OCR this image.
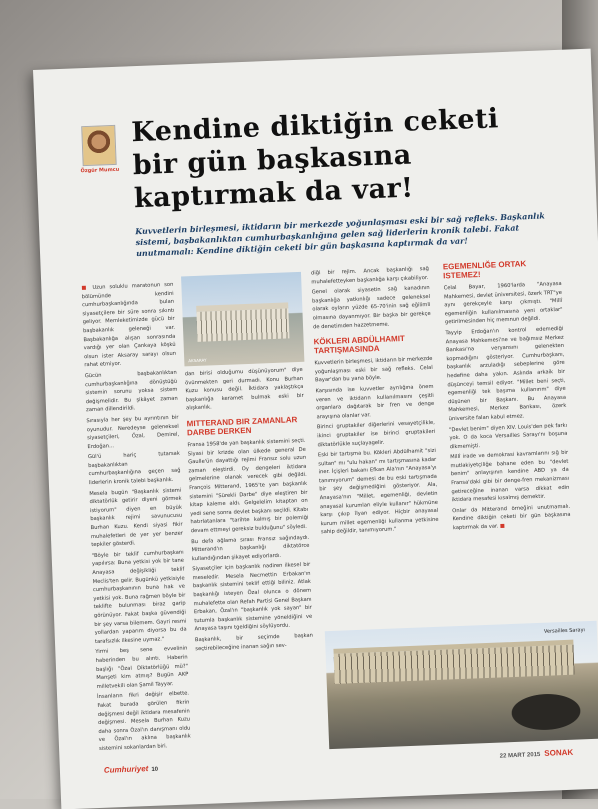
Özgür Mumcu
Kendine diktiğin ceketi bir gün başkasına kaptırmak da var!
Kuvvetlerin birleşmesi, iktidarın bir merkezde yoğunlaşması eski bir sağ refleks. Başkanlık sistemi, başbakanlıktan cumhurbaşkanlığına gelen sağ liderlerin kronik talebi. Fakat unutmamalı: Kendine diktiğin ceketi bir gün başkasına kaptırmak da var!

■ Uzun soluklu maratonun son bölümünde kendini cumhurbaşkanlığında bulan siyasetçilere bir süre sonra sıkıntı geliyor. Memleketimizde gücü bir başbakanlık geleneği var. Başbakanlığa alışan sonrasında vardığı yer olan Çankaya köşkü olsun ister Aksaray sarayı olsun rahat etmiyor.

Gücün başbakanlıktan cumhurbaşkanlığına dönüştüğü sistemin sorunu yoksa sistem değişmelidir. Bu şikâyet zaman zaman dillendirildi.

Sırasıyla her şey bu ayrıntının bir oyunudur. Neredeyse geleneksel siyasetçileri, Özal, Demirel, Erdoğan...

Gül'ü hariç tutarsak başbakanlıktan cumhurbaşkanlığına geçen sağ liderlerin kronik talebi başkanlık.

Mesela bugün "Başkanlık sistemi diktatörlük getirir diyeni görmek istiyorum" diyen en büyük başkanlık rejimi savunucusu Burhan Kuzu. Kendi siyasi fikir muhalefetleri de yer yer benzer tepkiler gösterdi.

"Böyle bir teklif cumhurbaşkanı yapılırsa: Buna yetkisi yok bir tane Anayasa değişikliği teklif Meclis'ten gelir. Bugünkü yetkisiyle cumhurbaşkanının buna hak ve yetkisi yok. Buna rağmen böyle bir teklifte bulunması biraz garip görünüyor. Fakat başka güvendiği bir şey varsa bilemem. Gayri resmi yollardan yaparım diyorsa bu da tarafsızlık ilkesine uymaz."

Yirmi beş sene evvelinin haberinden bu alıntı. Haberin başlığı "Özal Diktatörlüğü mü?" Manşeti kim atmış? Bugün AKP milletvekili olan Şamil Tayyar.

İnsanların fikri değişir elbette. Fakat burada görülen fikrin değişmesi değil iktidara mesafenin değişmesi. Mesela Burhan Kuzu daha sonra Özal'ın danışmanı oldu ve Özal'ın aklına başkanlık sistemini sokanlardan biri.

AKSARAY

dan birisi olduğumu düşünüyorum" diye övünmekten geri durmadı. Konu Burhan Kuzu konusu değil. İktidara yaklaştıkça başkanlığa keramet bulmak eski bir alışkanlık.

MITTERAND BIR ZAMANLAR DARBE DERKEN

Fransa 1958'de yan başkanlık sistemini seçti. Siyasi bir krizde olan ülkede general De Gaulle'ün dayattığı rejimi Fransız solu uzun zaman eleştirdi. Oy dengeleri iktidara gelmelerine olanak verecek gibi değildi. François Mitterand, 1965'te yarı başkanlık sistemini "Sürekli Darbe" diye eleştiren bir kitap kaleme aldı. Gelgelelim kitaptan on yedi sene sonra devlet başkanı seçildi. Kitabı hatırlatanlara "tarihte kalmış bir polemiği devam ettmeyi gereksiz bulduğunu" söyledi.

Bu defa ağlama sırası Fransız sağındaydı. Mitterand'ın başkanlığı diktatörce kullandığından şikayet ediyorlardı.

Siyasetçiler için başkanlık nadiren ilkesel bir meseledir. Mesela Necmettin Erbakan'ın başkanlık sistemini teklif ettiği biliniz. Atlak başkanlığı isteyen Özal olunca o dönem muhalefette olan Refah Partisi Genel Başkanı Erbakan, Özal'ın "başkanlık yok sayan" bir tutumla başkanlık sistemine yöneldiğini ve Anayasa taşını tgeldiğini söylüyordu.

Başkanlık, bir seçimde başkan seçtirebileceğine inanan sağın sev-

diği bir rejim. Ancak başkanlığı sağ muhalefetteyken başkanlığa karşı çıkabiliyor.

Genel olarak siyasetin sağ kanadının başkanlığa yatkınlığı sadece geleneksel olarak oyların yüzde 65-70'inin sağ eğilimli olmasına dayanmıyor. Bir başka bir gerekçe de denetimden hazzetmeme.

KÖKLERI ABDÜLHAMIT TARTIŞMASINDA

Kuvvetlerin birleşmesi, iktidarın bir merkezde yoğunlaşması eski bir sağ refleks. Celal Bayar'dan bu yana böyle.

Karşısında ise kuvvetler ayrılığına önem veren ve iktidarın kullanılmasını çeşitli organlara dağıtarak bir fren ve denge arayışına olanlar var.

Birinci gruptakiler diğerlerini vesayetçilikle, ikinci gruptakiler ise birinci gruptakileri diktatörlükle suçlayagelir.

Eski bir tartışma bu. Kökleri Abdülhamit "sizi sultan" mı "ulu hakan" mı tartışmasına kadar iner. İçişleri bakanı Efkan Ala'nın "Anayasa'yı tanımıyorum" demesi de bu eski tartışmada bir şey değişmediğini gösteriyor. Ala, Anayasa'nın "Millet, egemenliği, devletin anayasal kurumları eliyle kullanır" hükmüne karşı çıkıp îlyan ediyor. Hiçbir anayasal kurum millet egemenliği kullanma yetkisine sahip değildir, tanımıyorum."

EGEMENLIĞE ORTAK ISTEMEZ!

Celal Bayar, 1960'larda "Anayasa Mahkemesi, devlet üniversitesi, özerk TRT"ye aynı gerekçeyle karşı çıkmıştı. "Millî egemenliğin kullanılmasına yeni ortaklar" getirilmesinden hiç memnun değildi.

Tayyip Erdoğan'ın kontrol edemediği Anayasa Mahkemesi'ne ve bağımsız Merkez Bankası'na veryansını gelenekten kopmadığını gösteriyor. Cumhurbaşkanı, başkanlık arzuladığı sebeplerine göre hedefine daha yakın. Aslında arkaik bir düşünceyi temsil ediyor. "Millet beni seçti, egemenliği tek başıma kullanırım" diye düşünen bir Başkanı. Bu Anayasa Mahkemesi, Merkez Bankası, özerk üniversite falan kabul etmez.

"Devlet benim" diyen XIV. Louis'den pek farkı yok. O da koca Versailles Sarayı'nı boşuna dikmemişti.

Millî irade ve demokrasi kavramlarını sığ bir mutlakiyetçiliğe bahane eden bu "devlet benim" anlayışının kendine ABD ya da Fransa'daki gibi bir denge-fren mekanizması getireceğine inanan varsa dikkat edin iktidara mesafesi kısalmış demektir.

Onlar da Mitterand örneğini unutmamalı. Kendine diktiğin ceketi bir gün başkasına kaptırmak da var. ■

Versailles Sarayı
Cumhuriyet 10
22 MART 2015 SONAK
